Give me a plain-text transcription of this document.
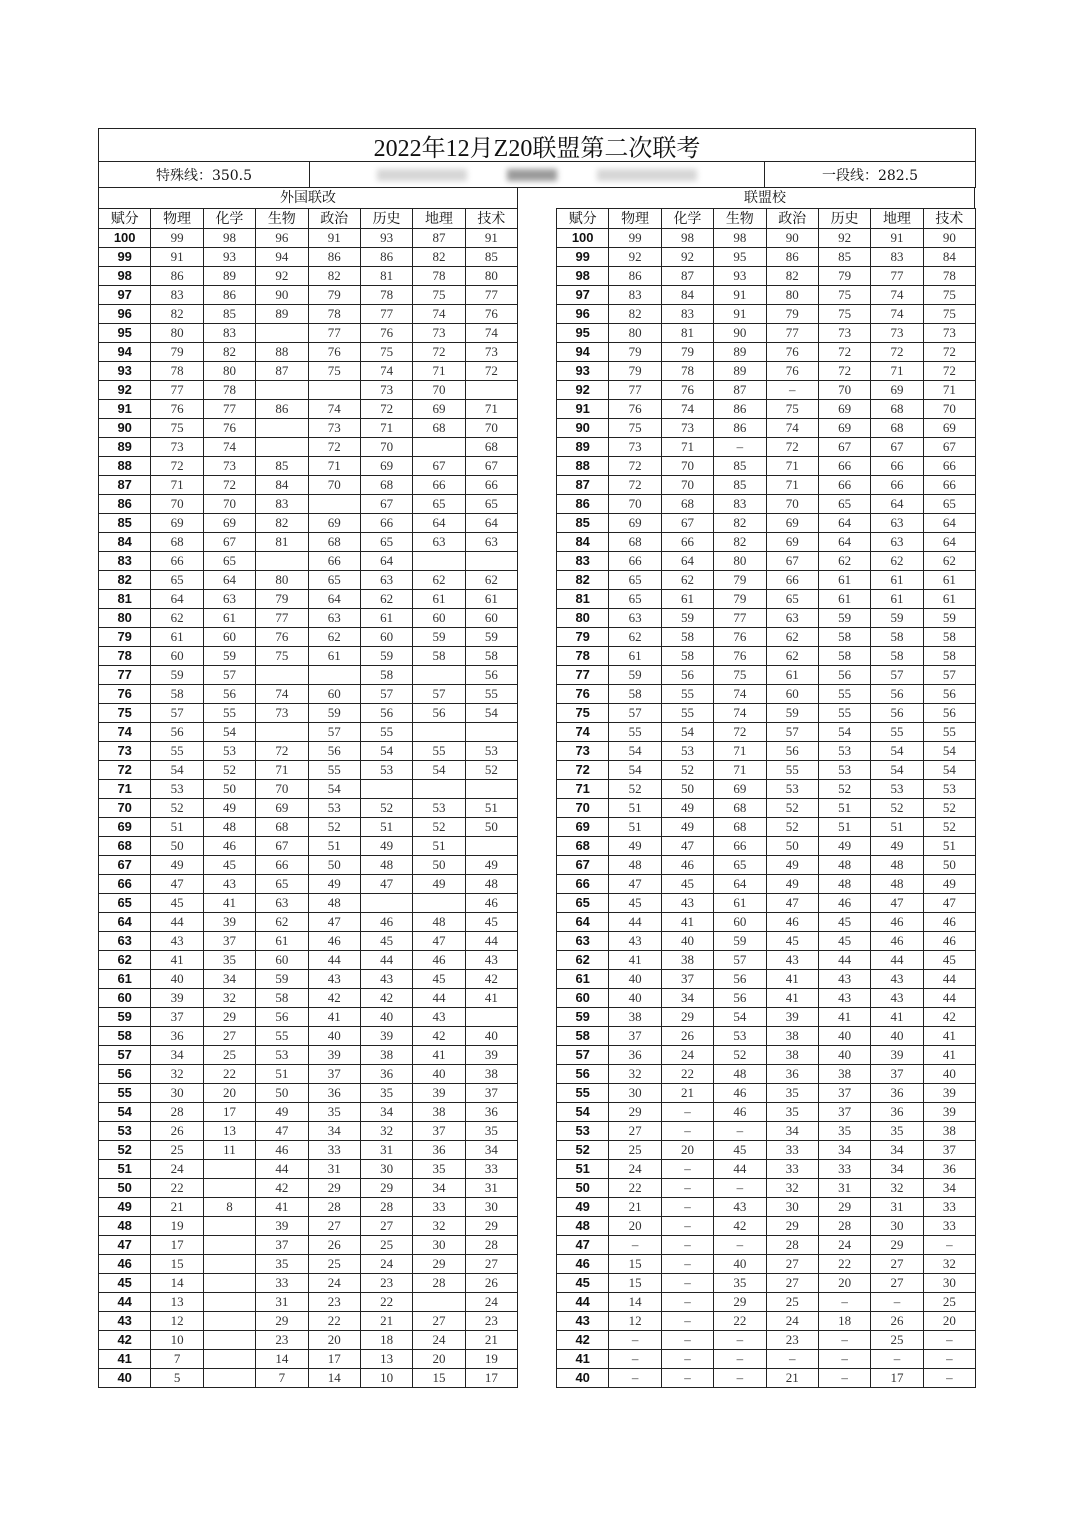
2022年12月Z20联盟第二次联考
特殊线：350.5	一段线：282.5
外国联改
赋分	物理	化学	生物	政治	历史	地理	技术
100	99	98	96	91	93	87	91
99	91	93	94	86	86	82	85
98	86	89	92	82	81	78	80
97	83	86	90	79	78	75	77
96	82	85	89	78	77	74	76
95	80	83		77	76	73	74
94	79	82	88	76	75	72	73
93	78	80	87	75	74	71	72
92	77	78			73	70	
91	76	77	86	74	72	69	71
90	75	76		73	71	68	70
89	73	74		72	70		68
88	72	73	85	71	69	67	67
87	71	72	84	70	68	66	66
86	70	70	83		67	65	65
85	69	69	82	69	66	64	64
84	68	67	81	68	65	63	63
83	66	65		66	64		
82	65	64	80	65	63	62	62
81	64	63	79	64	62	61	61
80	62	61	77	63	61	60	60
79	61	60	76	62	60	59	59
78	60	59	75	61	59	58	58
77	59	57			58		56
76	58	56	74	60	57	57	55
75	57	55	73	59	56	56	54
74	56	54		57	55		
73	55	53	72	56	54	55	53
72	54	52	71	55	53	54	52
71	53	50	70	54			
70	52	49	69	53	52	53	51
69	51	48	68	52	51	52	50
68	50	46	67	51	49	51	
67	49	45	66	50	48	50	49
66	47	43	65	49	47	49	48
65	45	41	63	48			46
64	44	39	62	47	46	48	45
63	43	37	61	46	45	47	44
62	41	35	60	44	44	46	43
61	40	34	59	43	43	45	42
60	39	32	58	42	42	44	41
59	37	29	56	41	40	43	
58	36	27	55	40	39	42	40
57	34	25	53	39	38	41	39
56	32	22	51	37	36	40	38
55	30	20	50	36	35	39	37
54	28	17	49	35	34	38	36
53	26	13	47	34	32	37	35
52	25	11	46	33	31	36	34
51	24		44	31	30	35	33
50	22		42	29	29	34	31
49	21	8	41	28	28	33	30
48	19		39	27	27	32	29
47	17		37	26	25	30	28
46	15		35	25	24	29	27
45	14		33	24	23	28	26
44	13		31	23	22		24
43	12		29	22	21	27	23
42	10		23	20	18	24	21
41	7		14	17	13	20	19
40	5		7	14	10	15	17
联盟校
赋分	物理	化学	生物	政治	历史	地理	技术
100	99	98	98	90	92	91	90
99	92	92	95	86	85	83	84
98	86	87	93	82	79	77	78
97	83	84	91	80	75	74	75
96	82	83	91	79	75	74	75
95	80	81	90	77	73	73	73
94	79	79	89	76	72	72	72
93	79	78	89	76	72	71	72
92	77	76	87	–	70	69	71
91	76	74	86	75	69	68	70
90	75	73	86	74	69	68	69
89	73	71	–	72	67	67	67
88	72	70	85	71	66	66	66
87	72	70	85	71	66	66	66
86	70	68	83	70	65	64	65
85	69	67	82	69	64	63	64
84	68	66	82	69	64	63	64
83	66	64	80	67	62	62	62
82	65	62	79	66	61	61	61
81	65	61	79	65	61	61	61
80	63	59	77	63	59	59	59
79	62	58	76	62	58	58	58
78	61	58	76	62	58	58	58
77	59	56	75	61	56	57	57
76	58	55	74	60	55	56	56
75	57	55	74	59	55	56	56
74	55	54	72	57	54	55	55
73	54	53	71	56	53	54	54
72	54	52	71	55	53	54	54
71	52	50	69	53	52	53	53
70	51	49	68	52	51	52	52
69	51	49	68	52	51	51	52
68	49	47	66	50	49	49	51
67	48	46	65	49	48	48	50
66	47	45	64	49	48	48	49
65	45	43	61	47	46	47	47
64	44	41	60	46	45	46	46
63	43	40	59	45	45	46	46
62	41	38	57	43	44	44	45
61	40	37	56	41	43	43	44
60	40	34	56	41	43	43	44
59	38	29	54	39	41	41	42
58	37	26	53	38	40	40	41
57	36	24	52	38	40	39	41
56	32	22	48	36	38	37	40
55	30	21	46	35	37	36	39
54	29	–	46	35	37	36	39
53	27	–	–	34	35	35	38
52	25	20	45	33	34	34	37
51	24	–	44	33	33	34	36
50	22	–	–	32	31	32	34
49	21	–	43	30	29	31	33
48	20	–	42	29	28	30	33
47	–	–	–	28	24	29	–
46	15	–	40	27	22	27	32
45	15	–	35	27	20	27	30
44	14	–	29	25	–	–	25
43	12	–	22	24	18	26	20
42	–	–	–	23	–	25	–
41	–	–	–	–	–	–	–
40	–	–	–	21	–	17	–
